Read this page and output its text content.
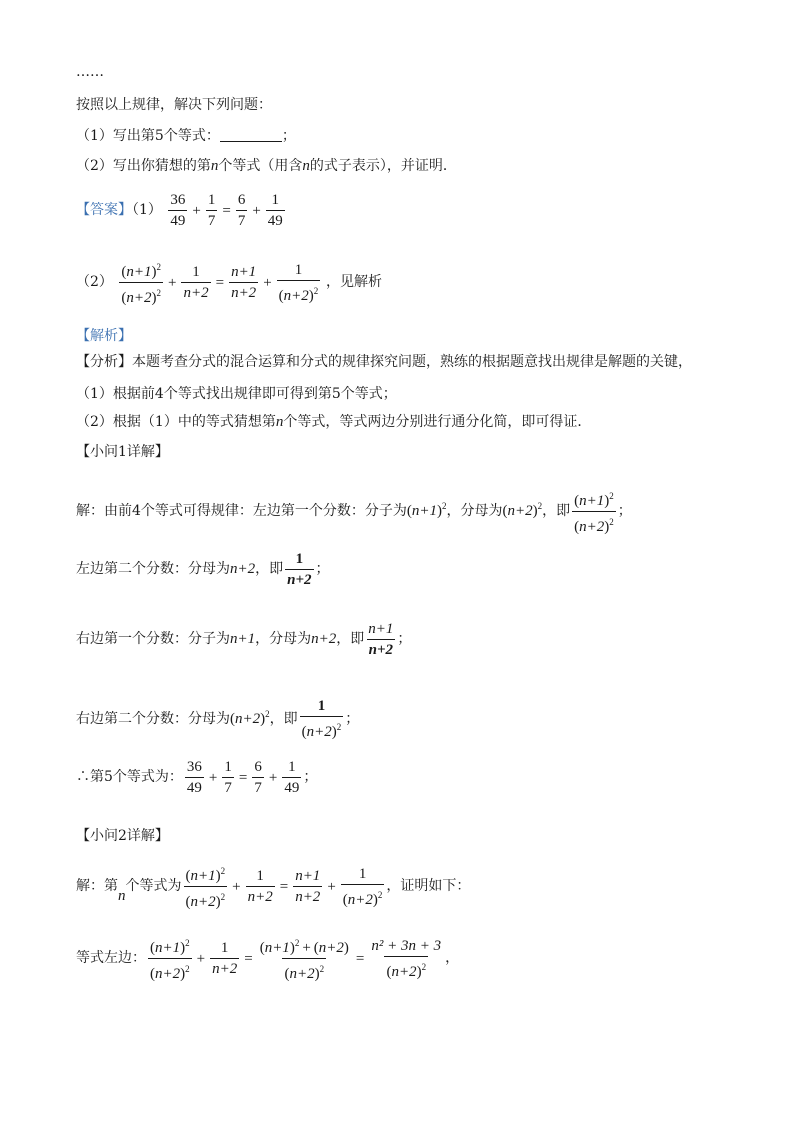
……
按照以上规律，解决下列问题：
（1）写出第5个等式：	；
（2）写出你猜想的第n个等式（用含n的式子表示），并证明．
【答案】$(1) \frac{36}{49} + \frac{1}{7} = \frac{6}{7} + \frac{1}{49}$
$(2) \frac{(n+1)^2}{(n+2)^2} + \frac{1}{n+2} = \frac{n+1}{n+2} + \frac{1}{(n+2)^2}$ ，见解析
【解析】
【分析】本题考查分式的混合运算和分式的规律探究问题，熟练的根据题意找出规律是解题的关键，
（1）根据前4个等式找出规律即可得到第5个等式；
（2）根据（1）中的等式猜想第n个等式，等式两边分别进行通分化简，即可得证．
【小问1详解】
解：由前4个等式可得规律：左边第一个分数：分子为$(n+1)^2$，分母为$(n+2)^2$，即 $\frac{(n+1)^2}{(n+2)^2}$ ；
左边第二个分数：分母为n+2，即 $\frac{1}{n+2}$ ；
右边第一个分数：分子为n+1，分母为n+2，即 $\frac{n+1}{n+2}$ ；
右边第二个分数：分母为$(n+2)^2$，即 $\frac{1}{(n+2)^2}$ ；
∴第5个等式为： $\frac{36}{49} + \frac{1}{7} = \frac{6}{7} + \frac{1}{49}$ ；
【小问2详解】
解：第n个等式为 $\frac{(n+1)^2}{(n+2)^2} + \frac{1}{n+2} = \frac{n+1}{n+2} + \frac{1}{(n+2)^2}$ ，证明如下：
等式左边： $\frac{(n+1)^2}{(n+2)^2} + \frac{1}{n+2} = \frac{(n+1)^2 + (n+2)}{(n+2)^2} = \frac{\text{n² + 3n + 3}}{(n+2)^2}$ ，
